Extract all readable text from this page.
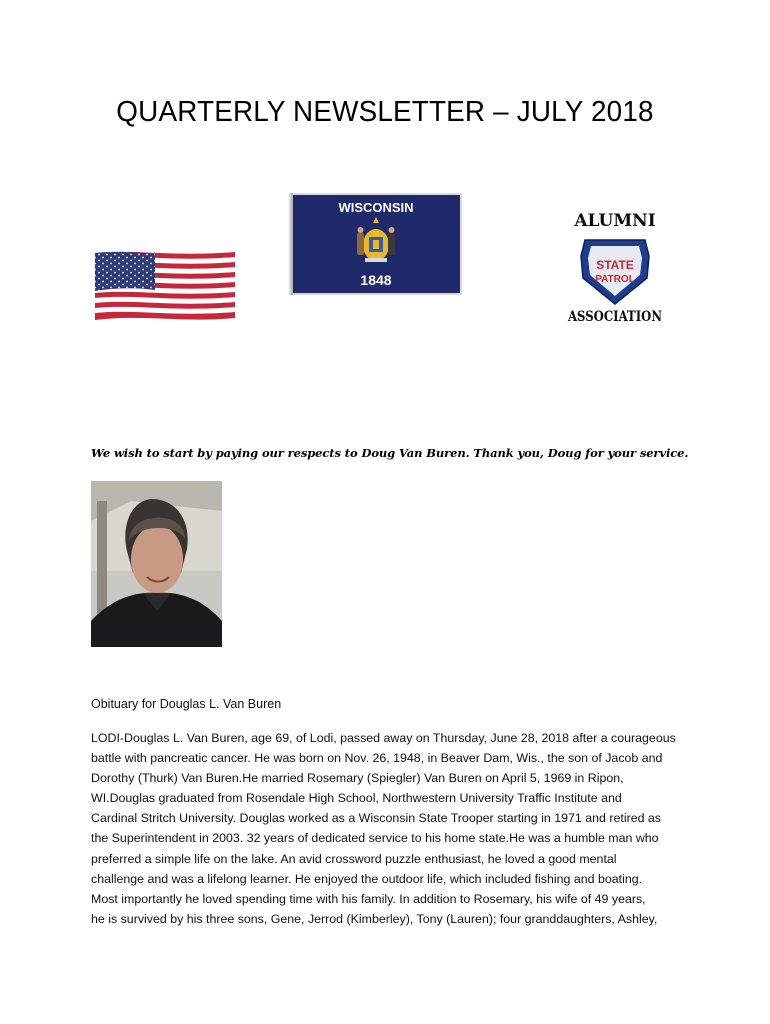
QUARTERLY NEWSLETTER – JULY 2018
WISCONSIN
1848
ALUMNI
STATE
PATROL
ASSOCIATION
We wish to start by paying our respects to Doug Van Buren. Thank you, Doug for your service.
Obituary for Douglas L. Van Buren
LODI-Douglas L. Van Buren, age 69, of Lodi, passed away on Thursday, June 28, 2018 after a courageous
battle with pancreatic cancer. He was born on Nov. 26, 1948, in Beaver Dam, Wis., the son of Jacob and
Dorothy (Thurk) Van Buren.He married Rosemary (Spiegler) Van Buren on April 5, 1969 in Ripon,
WI.Douglas graduated from Rosendale High School, Northwestern University Traffic Institute and
Cardinal Stritch University. Douglas worked as a Wisconsin State Trooper starting in 1971 and retired as
the Superintendent in 2003. 32 years of dedicated service to his home state.He was a humble man who
preferred a simple life on the lake. An avid crossword puzzle enthusiast, he loved a good mental
challenge and was a lifelong learner. He enjoyed the outdoor life, which included fishing and boating.
Most importantly he loved spending time with his family. In addition to Rosemary, his wife of 49 years,
he is survived by his three sons, Gene, Jerrod (Kimberley), Tony (Lauren); four granddaughters, Ashley,
